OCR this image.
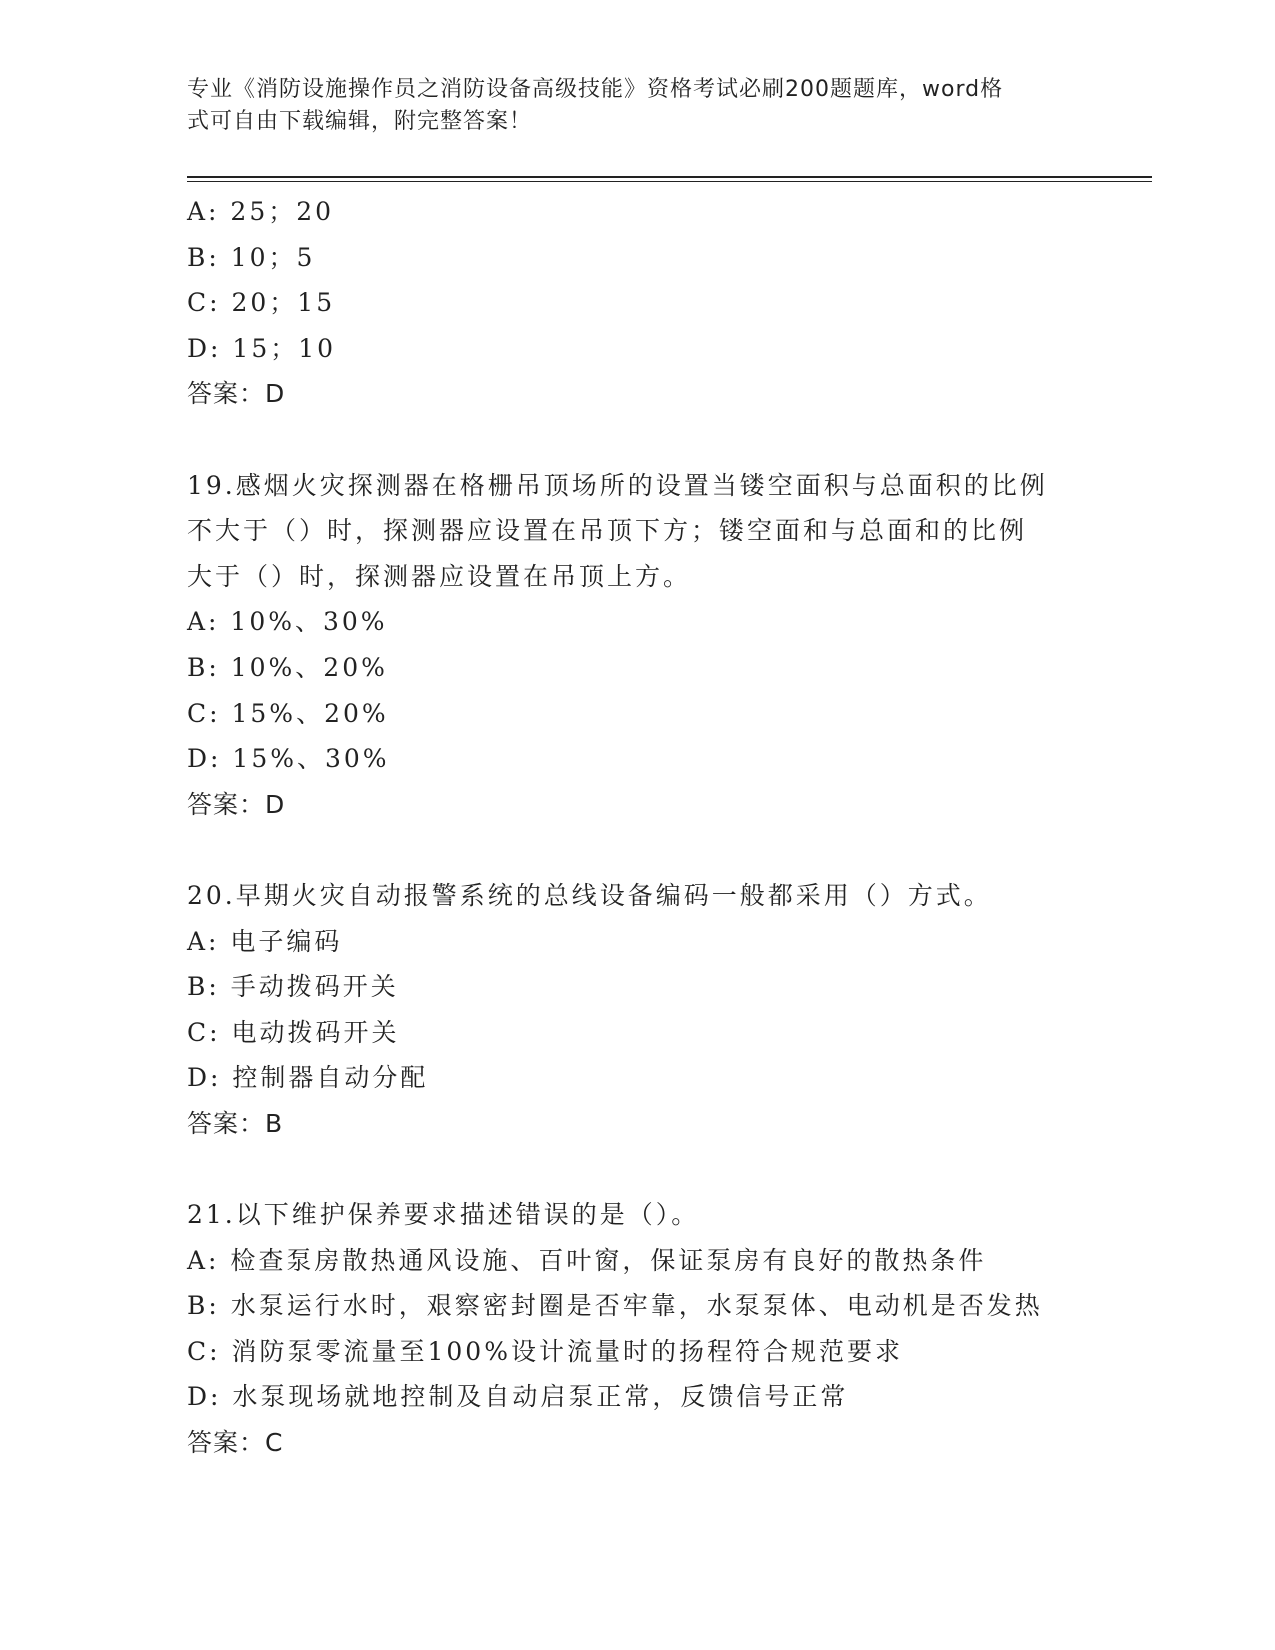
专业《消防设施操作员之消防设备高级技能》资格考试必刷200题题库，word格
式可自由下载编辑，附完整答案！
A: 25；20
B: 10；5
C: 20；15
D: 15；10
答案：D
19.感烟火灾探测器在格栅吊顶场所的设置当镂空面积与总面积的比例
不大于（）时，探测器应设置在吊顶下方；镂空面和与总面和的比例
大于（）时，探测器应设置在吊顶上方。
A: 10%、30%
B: 10%、20%
C: 15%、20%
D: 15%、30%
答案：D
20.早期火灾自动报警系统的总线设备编码一般都采用（）方式。
A: 电子编码
B: 手动拨码开关
C: 电动拨码开关
D: 控制器自动分配
答案：B
21.以下维护保养要求描述错误的是（）。
A: 检查泵房散热通风设施、百叶窗，保证泵房有良好的散热条件
B: 水泵运行水时，艰察密封圈是否牢靠，水泵泵体、电动机是否发热
C: 消防泵零流量至100%设计流量时的扬程符合规范要求
D: 水泵现场就地控制及自动启泵正常，反馈信号正常
答案：C
